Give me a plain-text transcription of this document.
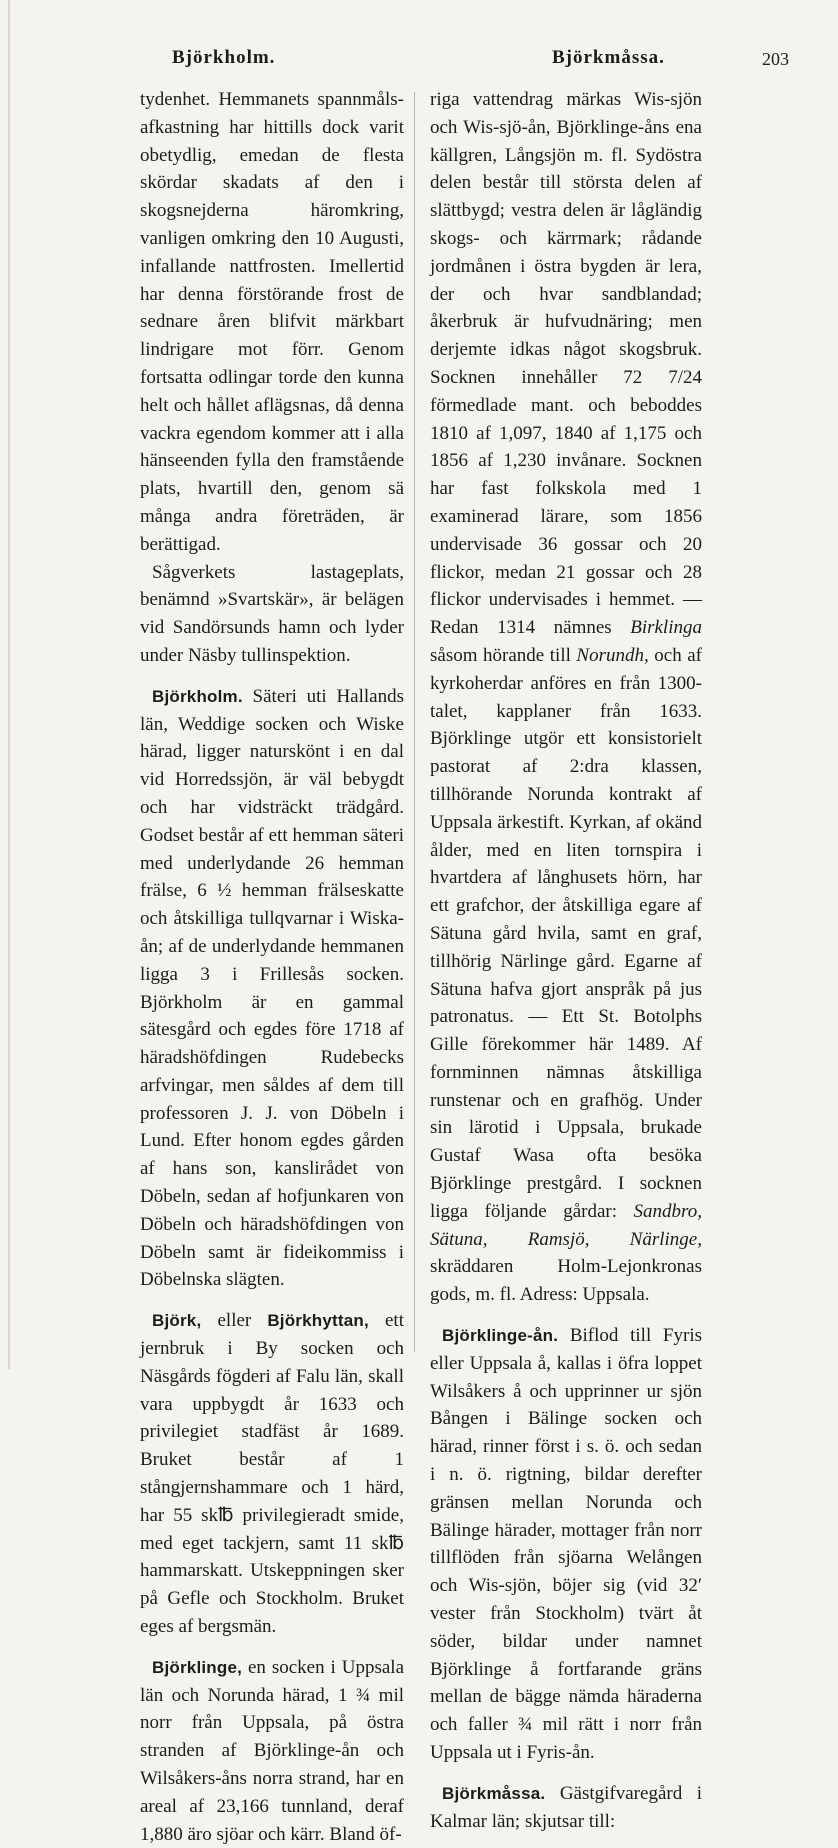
Björkholm.	Björkmåssa.	203

tydenhet. Hemmanets spannmåls-afkastning har hittills dock varit obetydlig, emedan de flesta skördar skadats af den i skogsnejderna häromkring, vanligen omkring den 10 Augusti, infallande nattfrosten. Imellertid har denna förstörande frost de sednare åren blifvit märkbart lindrigare mot förr. Genom fortsatta odlingar torde den kunna helt och hållet aflägsnas, då denna vackra egendom kommer att i alla hänseenden fylla den framstående plats, hvartill den, genom sä många andra företräden, är berättigad.

Sågverkets lastageplats, benämnd »Svartskär», är belägen vid Sandörsunds hamn och lyder under Näsby tullinspektion.

Björkholm. Säteri uti Hallands län, Weddige socken och Wiske härad, ligger naturskönt i en dal vid Horredssjön, är väl bebygdt och har vidsträckt trädgård. Godset består af ett hemman säteri med underlydande 26 hemman frälse, 6 ½ hemman frälseskatte och åtskilliga tullqvarnar i Wiska-ån; af de underlydande hemmanen ligga 3 i Frillesås socken. Björkholm är en gammal sätesgård och egdes före 1718 af häradshöfdingen Rudebecks arfvingar, men såldes af dem till professoren J. J. von Döbeln i Lund. Efter honom egdes gården af hans son, kanslirådet von Döbeln, sedan af hofjunkaren von Döbeln och häradshöfdingen von Döbeln samt är fideikommiss i Döbelnska slägten.

Björk, eller Björkhyttan, ett jernbruk i By socken och Näsgårds fögderi af Falu län, skall vara uppbygdt år 1633 och privilegiet stadfäst år 1689. Bruket består af 1 stångjernshammare och 1 härd, har 55 sk℔ privilegieradt smide, med eget tackjern, samt 11 sk℔ hammarskatt. Utskeppningen sker på Gefle och Stockholm. Bruket eges af bergsmän.

Björklinge, en socken i Uppsala län och Norunda härad, 1 ¾ mil norr från Uppsala, på östra stranden af Björklinge-ån och Wilsåkers-åns norra strand, har en areal af 23,166 tunnland, deraf 1,880 äro sjöar och kärr. Bland öf-

riga vattendrag märkas Wis-sjön och Wis-sjö-ån, Björklinge-åns ena källgren, Långsjön m. fl. Sydöstra delen består till största delen af slättbygd; vestra delen är lågländig skogs- och kärrmark; rådande jordmånen i östra bygden är lera, der och hvar sandblandad; åkerbruk är hufvudnäring; men derjemte idkas något skogsbruk. Socknen innehåller 72 7/24 förmedlade mant. och beboddes 1810 af 1,097, 1840 af 1,175 och 1856 af 1,230 invånare. Socknen har fast folkskola med 1 examinerad lärare, som 1856 undervisade 36 gossar och 20 flickor, medan 21 gossar och 28 flickor undervisades i hemmet. — Redan 1314 nämnes Birklinga såsom hörande till Norundh, och af kyrkoherdar anföres en från 1300-talet, kapplaner från 1633. Björklinge utgör ett konsistorielt pastorat af 2:dra klassen, tillhörande Norunda kontrakt af Uppsala ärkestift. Kyrkan, af okänd ålder, med en liten tornspira i hvartdera af långhusets hörn, har ett grafchor, der åtskilliga egare af Sätuna gård hvila, samt en graf, tillhörig Närlinge gård. Egarne af Sätuna hafva gjort anspråk på jus patronatus. — Ett St. Botolphs Gille förekommer här 1489. Af fornminnen nämnas åtskilliga runstenar och en grafhög. Under sin lärotid i Uppsala, brukade Gustaf Wasa ofta besöka Björklinge prestgård. I socknen ligga följande gårdar: Sandbro, Sätuna, Ramsjö, Närlinge, skräddaren Holm-Lejonkronas gods, m. fl. Adress: Uppsala.

Björklinge-ån. Biflod till Fyris eller Uppsala å, kallas i öfra loppet Wilsåkers å och upprinner ur sjön Bången i Bälinge socken och härad, rinner först i s. ö. och sedan i n. ö. rigtning, bildar derefter gränsen mellan Norunda och Bälinge härader, mottager från norr tillflöden från sjöarna Welången och Wis-sjön, böjer sig (vid 32′ vester från Stockholm) tvärt åt söder, bildar under namnet Björklinge å fortfarande gräns mellan de bägge nämda häraderna och faller ¾ mil rätt i norr från Uppsala ut i Fyris-ån.

Björkmåssa. Gästgifvaregård i Kalmar län; skjutsar till:
